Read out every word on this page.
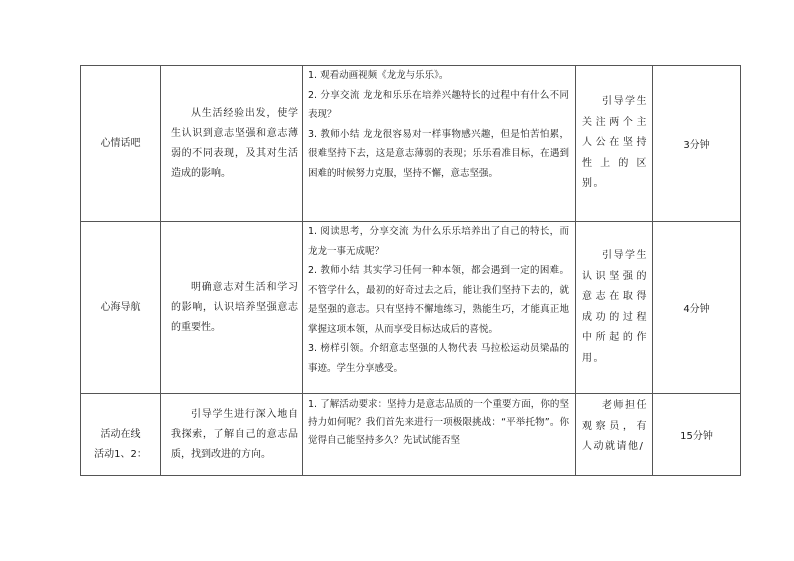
心情话吧	从生活经验出发，使学生认识到意志坚强和意志薄弱的不同表现，及其对生活造成的影响。	1. 观看动画视频《龙龙与乐乐》。

2. 分享交流 龙龙和乐乐在培养兴趣特长的过程中有什么不同表现？

3. 教师小结 龙龙很容易对一样事物感兴趣，但是怕苦怕累，很难坚持下去，这是意志薄弱的表现；乐乐看准目标，在遇到困难的时候努力克服，坚持不懈，意志坚强。	引导学生关注两个主人公在坚持性上的区别。	3分钟
心海导航	明确意志对生活和学习的影响，认识培养坚强意志的重要性。	1. 阅读思考，分享交流 为什么乐乐培养出了自己的特长，而龙龙一事无成呢？

2. 教师小结 其实学习任何一种本领，都会遇到一定的困难。不管学什么，最初的好奇过去之后，能让我们坚持下去的，就是坚强的意志。只有坚持不懈地练习，熟能生巧，才能真正地掌握这项本领，从而享受目标达成后的喜悦。

3. 榜样引领。介绍意志坚强的人物代表 马拉松运动员梁晶的事迹。学生分享感受。	引导学生认识坚强的意志在取得成功的过程中所起的作用。	4分钟

活动在线
活动1、2：	引导学生进行深入地自我探索，了解自己的意志品质，找到改进的方向。	1. 了解活动要求：坚持力是意志品质的一个重要方面，你的坚持力如何呢？我们首先来进行一项极限挑战：“平举托物”。你觉得自己能坚持多久？先试试能否坚	老师担任观察员，有人动就请他/	15分钟
